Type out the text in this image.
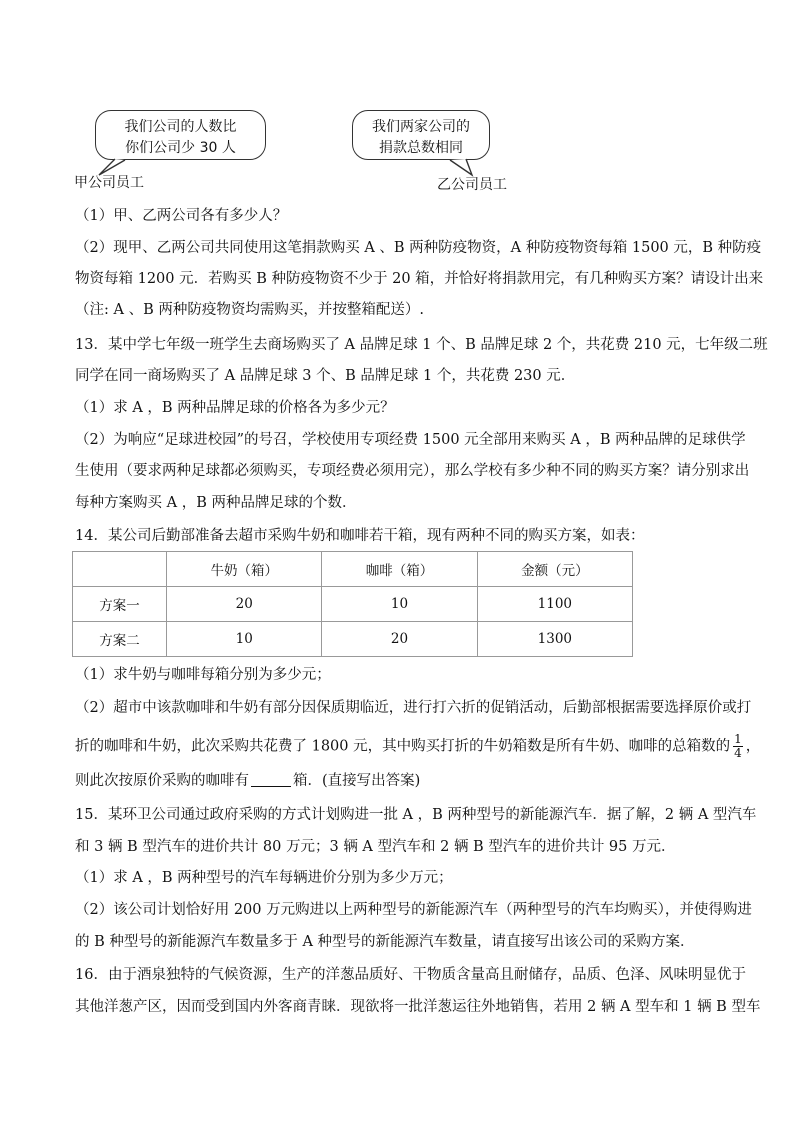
我们公司的人数比
你们公司少 30 人
我们两家公司的
捐款总数相同
甲公司员工	乙公司员工
（1）甲、乙两公司各有多少人？
（2）现甲、乙两公司共同使用这笔捐款购买 A 、B 两种防疫物资，A 种防疫物资每箱 1500 元，B 种防疫
物资每箱 1200 元．若购买 B 种防疫物资不少于 20 箱，并恰好将捐款用完，有几种购买方案？请设计出来
（注: A 、B 两种防疫物资均需购买，并按整箱配送）.
13．某中学七年级一班学生去商场购买了 A 品牌足球 1 个、B 品牌足球 2 个，共花费 210 元，七年级二班
同学在同一商场购买了 A 品牌足球 3 个、B 品牌足球 1 个，共花费 230 元．
（1）求 A ，B 两种品牌足球的价格各为多少元？
（2）为响应“足球进校园”的号召，学校使用专项经费 1500 元全部用来购买 A ，B 两种品牌的足球供学
生使用（要求两种足球都必须购买，专项经费必须用完），那么学校有多少种不同的购买方案？请分别求出
每种方案购买 A ，B 两种品牌足球的个数．
14．某公司后勤部准备去超市采购牛奶和咖啡若干箱，现有两种不同的购买方案，如表：
	牛奶（箱）	咖啡（箱）	金额（元）
方案一	20	10	1100
方案二	10	20	1300
（1）求牛奶与咖啡每箱分别为多少元；
（2）超市中该款咖啡和牛奶有部分因保质期临近，进行打六折的促销活动，后勤部根据需要选择原价或打
折的咖啡和牛奶，此次采购共花费了 1800 元，其中购买打折的牛奶箱数是所有牛奶、咖啡的总箱数的 $\frac{1}{4}$ ，
则此次按原价采购的咖啡有	箱．(直接写出答案)
15．某环卫公司通过政府采购的方式计划购进一批 A ，B 两种型号的新能源汽车．据了解，2 辆 A 型汽车
和 3 辆 B 型汽车的进价共计 80 万元；3 辆 A 型汽车和 2 辆 B 型汽车的进价共计 95 万元．
（1）求 A ，B 两种型号的汽车每辆进价分别为多少万元；
（2）该公司计划恰好用 200 万元购进以上两种型号的新能源汽车（两种型号的汽车均购买），并使得购进
的 B 种型号的新能源汽车数量多于 A 种型号的新能源汽车数量，请直接写出该公司的采购方案．
16．由于酒泉独特的气候资源，生产的洋葱品质好、干物质含量高且耐储存，品质、色泽、风味明显优于
其他洋葱产区，因而受到国内外客商青睐．现欲将一批洋葱运往外地销售，若用 2 辆 A 型车和 1 辆 B 型车
